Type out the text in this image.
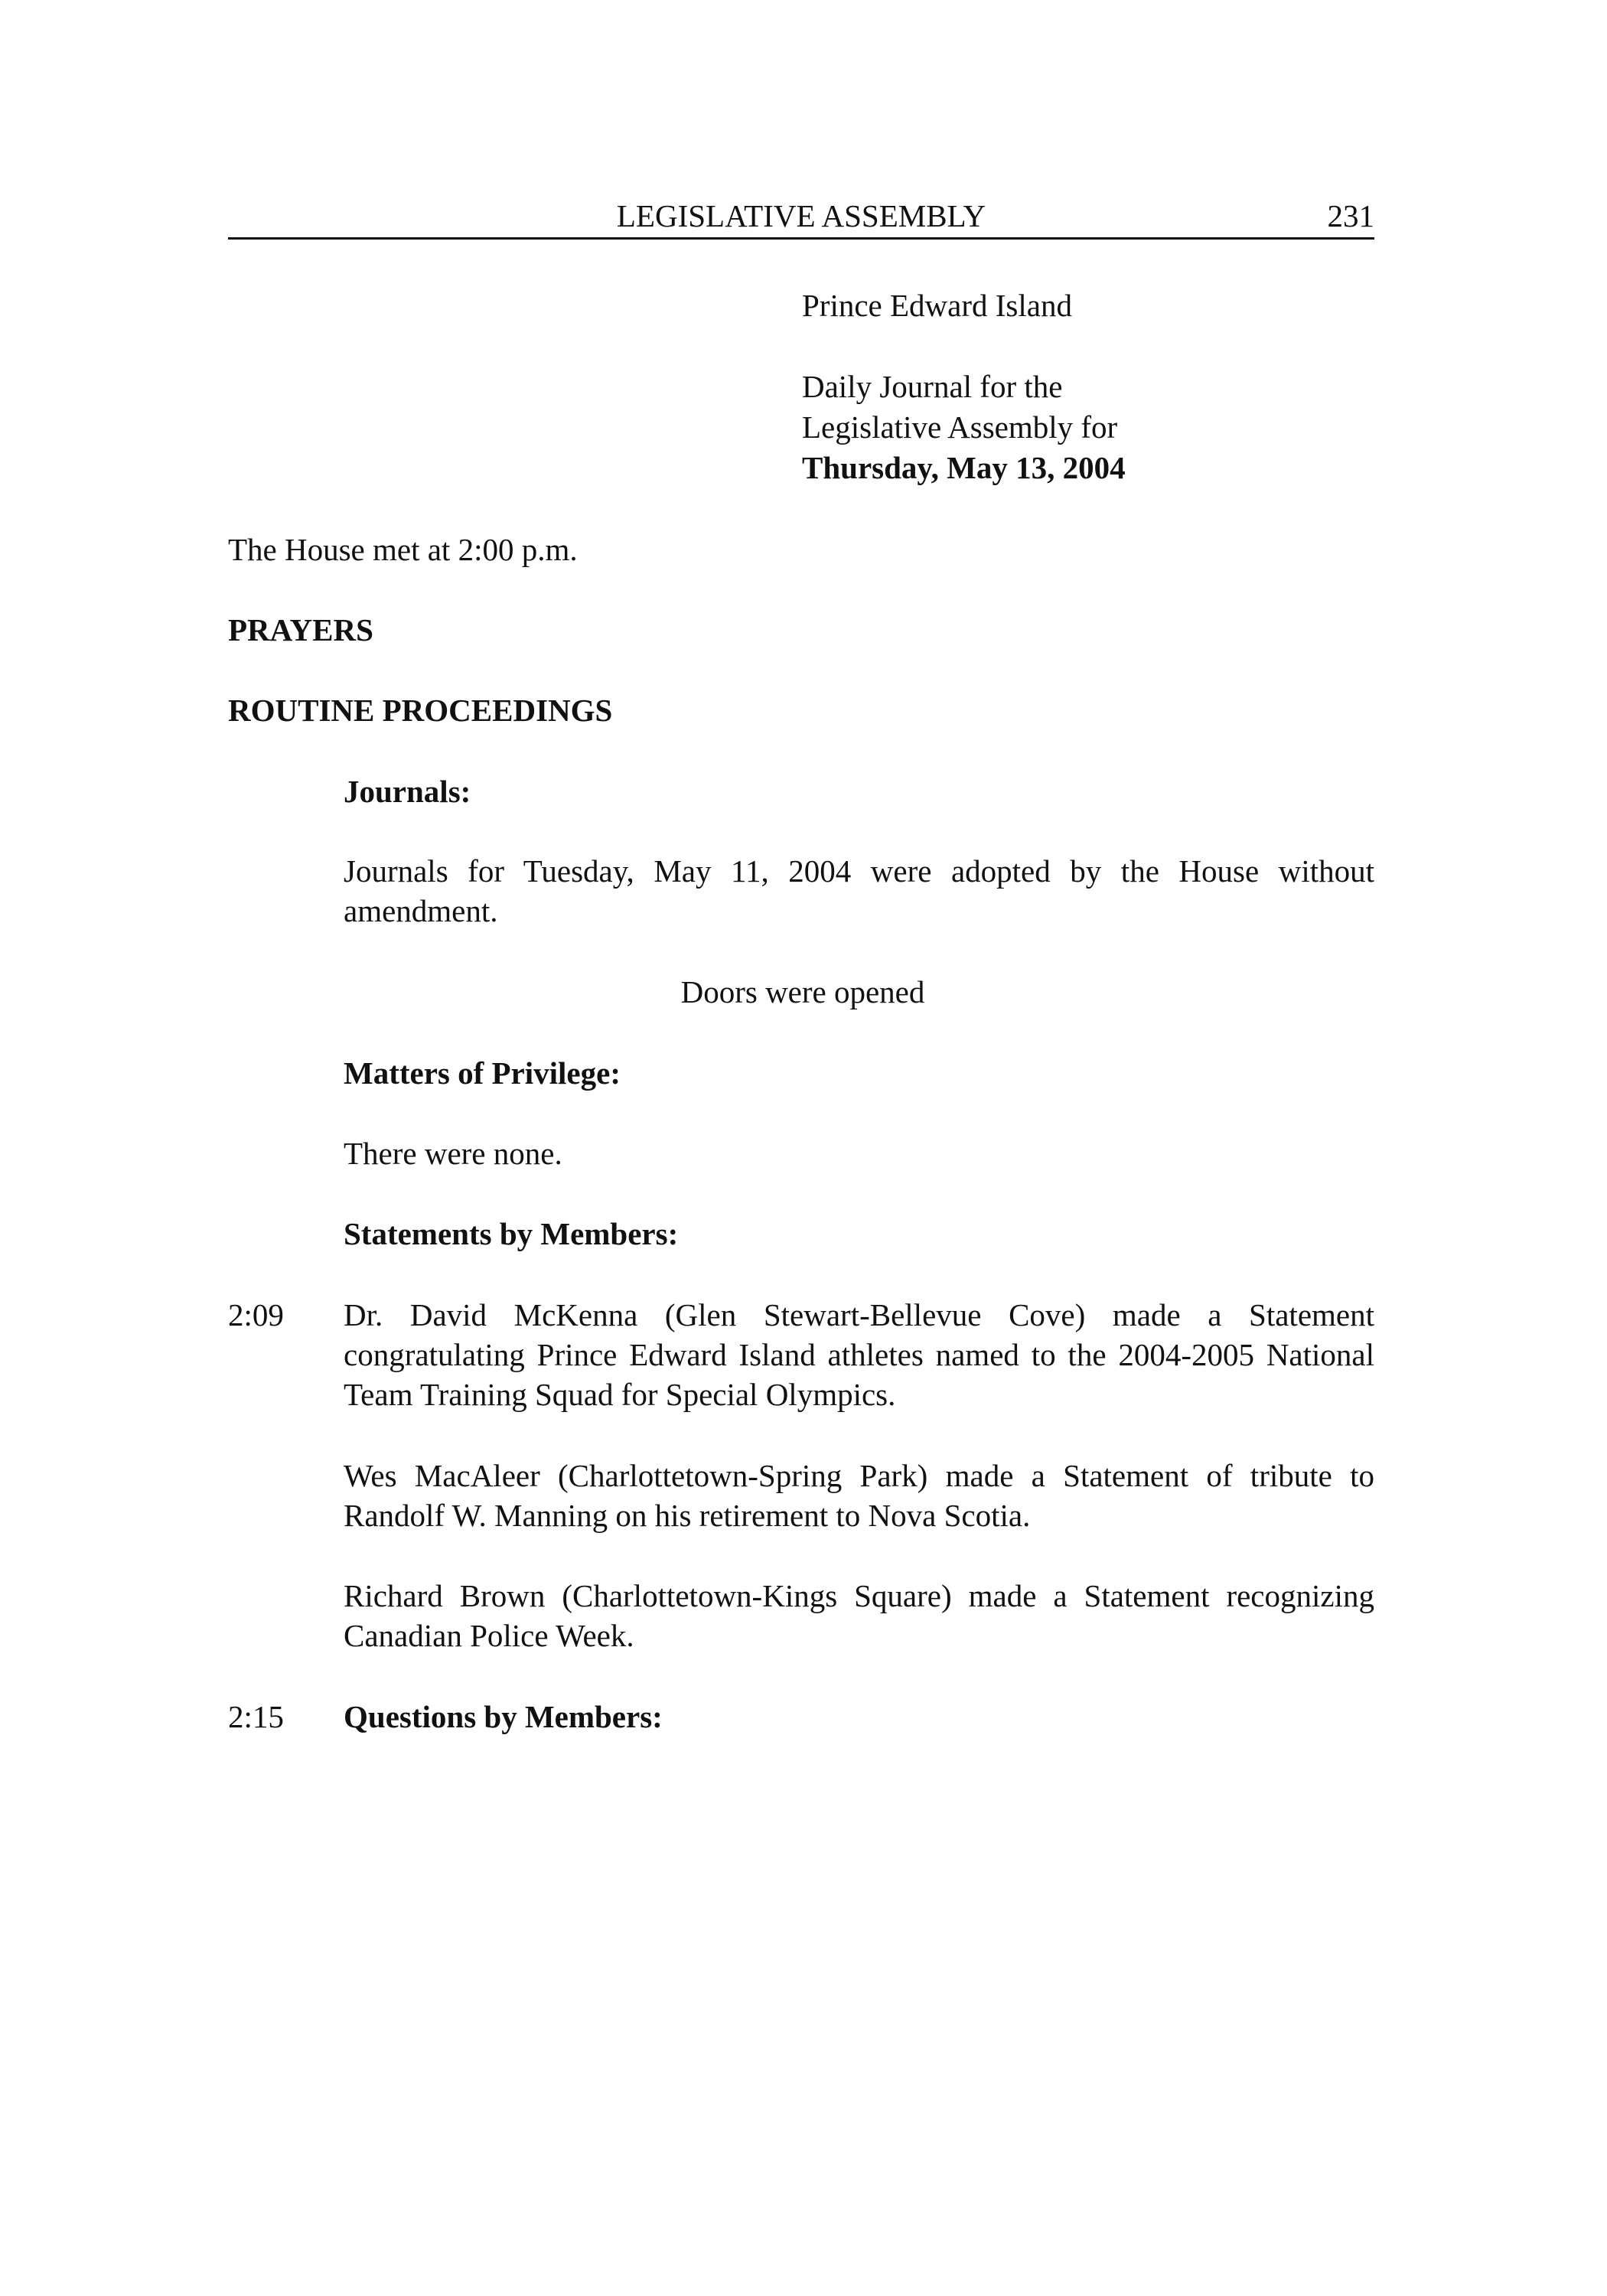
LEGISLATIVE ASSEMBLY	231
Prince Edward Island
Daily Journal for the
Legislative Assembly for
Thursday, May 13, 2004
The House met at 2:00 p.m.
PRAYERS
ROUTINE PROCEEDINGS
Journals:
Journals for Tuesday, May 11, 2004 were adopted by the House without amendment.
Doors were opened
Matters of Privilege:
There were none.
Statements by Members:
2:09	Dr. David McKenna (Glen Stewart-Bellevue Cove) made a Statement congratulating Prince Edward Island athletes named to the 2004-2005 National Team Training Squad for Special Olympics.
Wes MacAleer (Charlottetown-Spring Park) made a Statement of tribute to Randolf W. Manning on his retirement to Nova Scotia.
Richard Brown (Charlottetown-Kings Square) made a Statement recognizing Canadian Police Week.
2:15	Questions by Members:
